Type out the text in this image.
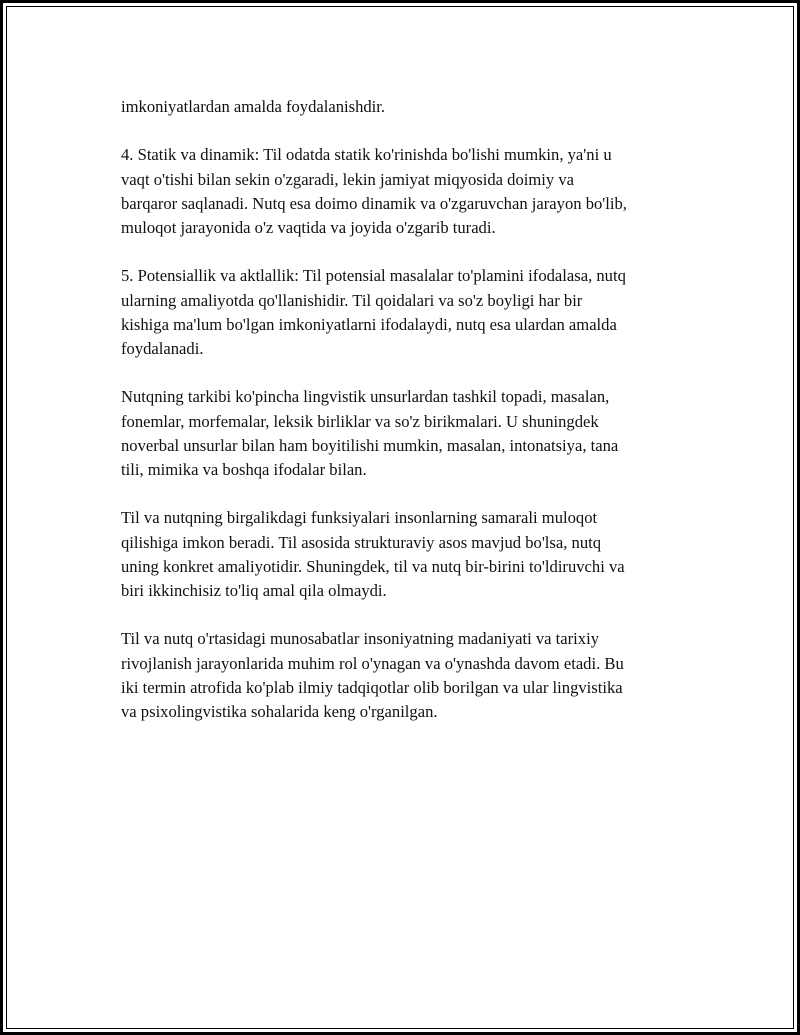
imkoniyatlardan amalda foydalanishdir.

4. Statik va dinamik: Til odatda statik ko'rinishda bo'lishi mumkin, ya'ni u
vaqt o'tishi bilan sekin o'zgaradi, lekin jamiyat miqyosida doimiy va
barqaror saqlanadi. Nutq esa doimo dinamik va o'zgaruvchan jarayon bo'lib,
muloqot jarayonida o'z vaqtida va joyida o'zgarib turadi.

5. Potensiallik va aktlallik: Til potensial masalalar to'plamini ifodalasa, nutq
ularning amaliyotda qo'llanishidir. Til qoidalari va so'z boyligi har bir
kishiga ma'lum bo'lgan imkoniyatlarni ifodalaydi, nutq esa ulardan amalda
foydalanadi.

Nutqning tarkibi ko'pincha lingvistik unsurlardan tashkil topadi, masalan,
fonemlar, morfemalar, leksik birliklar va so'z birikmalari. U shuningdek
noverbal unsurlar bilan ham boyitilishi mumkin, masalan, intonatsiya, tana
tili, mimika va boshqa ifodalar bilan.

Til va nutqning birgalikdagi funksiyalari insonlarning samarali muloqot
qilishiga imkon beradi. Til asosida strukturaviy asos mavjud bo'lsa, nutq
uning konkret amaliyotidir. Shuningdek, til va nutq bir-birini to'ldiruvchi va
biri ikkinchisiz to'liq amal qila olmaydi.

Til va nutq o'rtasidagi munosabatlar insoniyatning madaniyati va tarixiy
rivojlanish jarayonlarida muhim rol o'ynagan va o'ynashda davom etadi. Bu
iki termin atrofida ko'plab ilmiy tadqiqotlar olib borilgan va ular lingvistika
va psixolingvistika sohalarida keng o'rganilgan.
